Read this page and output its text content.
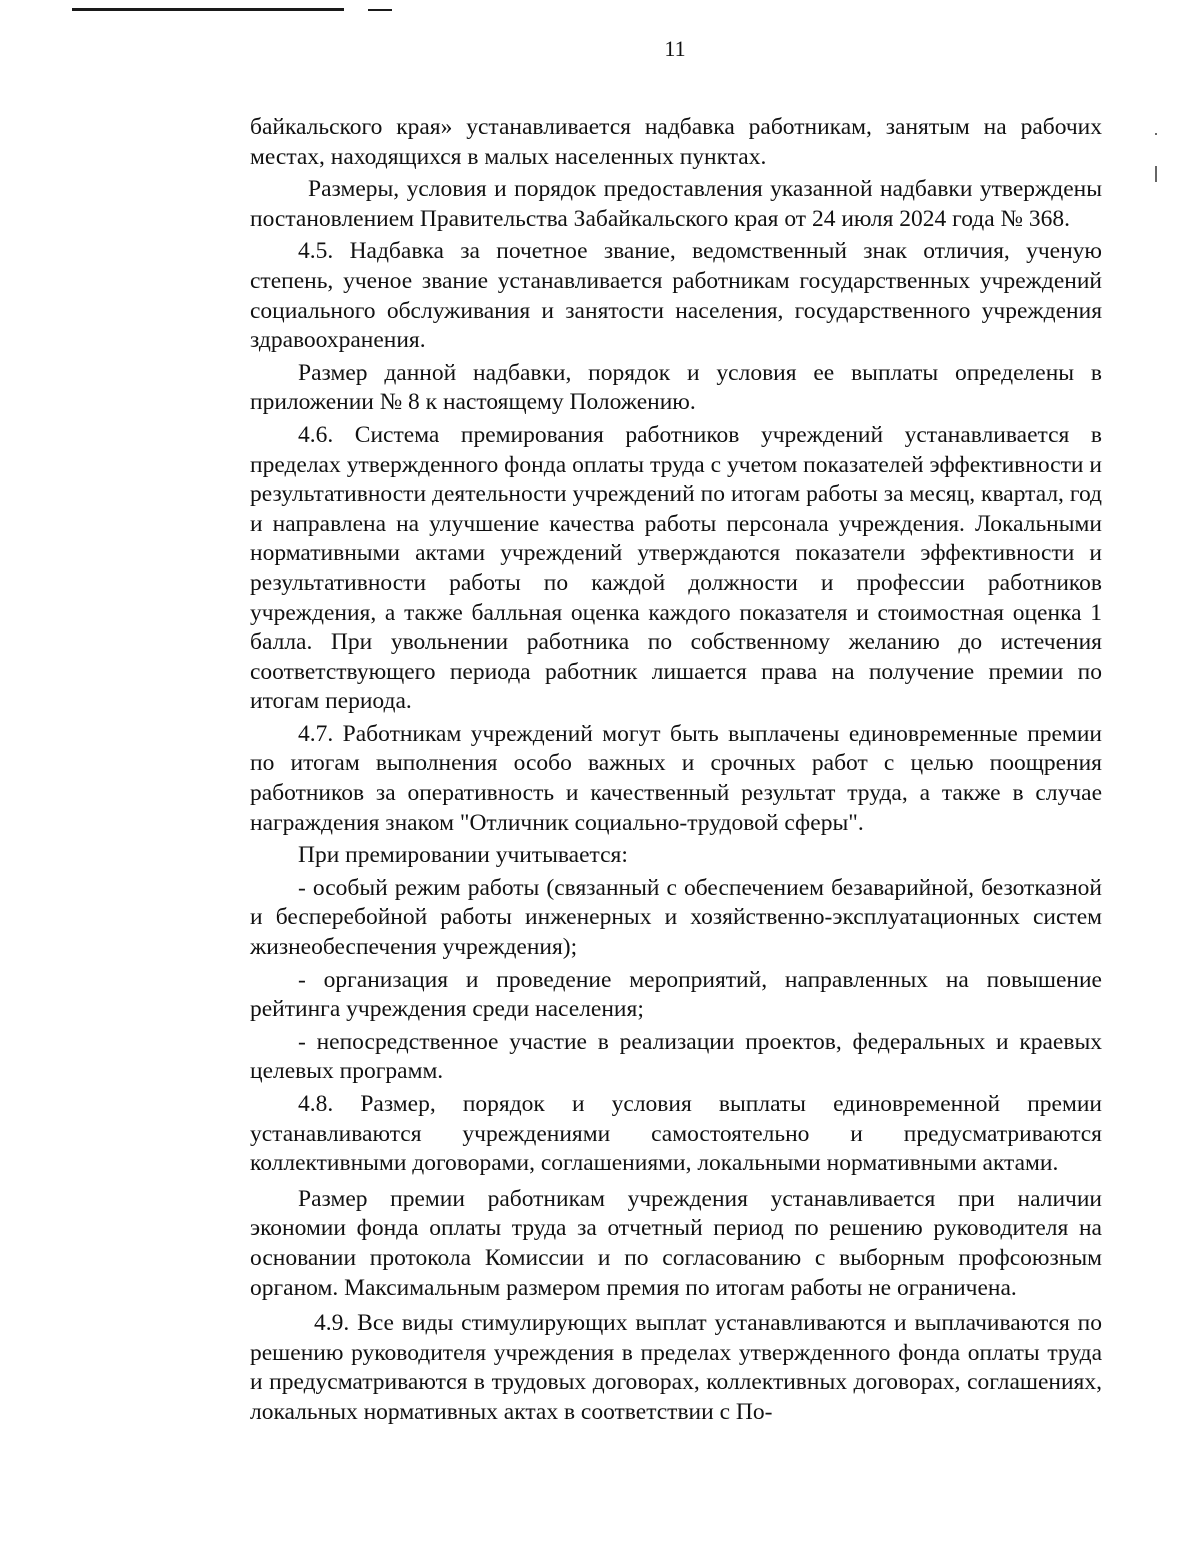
11

байкальского края» устанавливается надбавка работникам, занятым на рабочих местах, находящихся в малых населенных пунктах.

Размеры, условия и порядок предоставления указанной надбавки утверждены постановлением Правительства Забайкальского края от 24 июля 2024 года № 368.

4.5. Надбавка за почетное звание, ведомственный знак отличия, ученую степень, ученое звание устанавливается работникам государственных учреждений социального обслуживания и занятости населения, государственного учреждения здравоохранения.

Размер данной надбавки, порядок и условия ее выплаты определены в приложении № 8 к настоящему Положению.

4.6. Система премирования работников учреждений устанавливается в пределах утвержденного фонда оплаты труда с учетом показателей эффективности и результативности деятельности учреждений по итогам работы за месяц, квартал, год и направлена на улучшение качества работы персонала учреждения. Локальными нормативными актами учреждений утверждаются показатели эффективности и результативности работы по каждой должности и профессии работников учреждения, а также балльная оценка каждого показателя и стоимостная оценка 1 балла. При увольнении работника по собственному желанию до истечения соответствующего периода работник лишается права на получение премии по итогам периода.

4.7. Работникам учреждений могут быть выплачены единовременные премии по итогам выполнения особо важных и срочных работ с целью поощрения работников за оперативность и качественный результат труда, а также в случае награждения знаком "Отличник социально-трудовой сферы".

При премировании учитывается:

- особый режим работы (связанный с обеспечением безаварийной, безотказной и бесперебойной работы инженерных и хозяйственно-эксплуатационных систем жизнеобеспечения учреждения);

- организация и проведение мероприятий, направленных на повышение рейтинга учреждения среди населения;

- непосредственное участие в реализации проектов, федеральных и краевых целевых программ.

4.8. Размер, порядок и условия выплаты единовременной премии устанавливаются учреждениями самостоятельно и предусматриваются коллективными договорами, соглашениями, локальными нормативными актами.

Размер премии работникам учреждения устанавливается при наличии экономии фонда оплаты труда за отчетный период по решению руководителя на основании протокола Комиссии и по согласованию с выборным профсоюзным органом. Максимальным размером премия по итогам работы не ограничена.

4.9. Все виды стимулирующих выплат устанавливаются и выплачиваются по решению руководителя учреждения в пределах утвержденного фонда оплаты труда и предусматриваются в трудовых договорах, коллективных договорах, соглашениях, локальных нормативных актах в соответствии с По-
